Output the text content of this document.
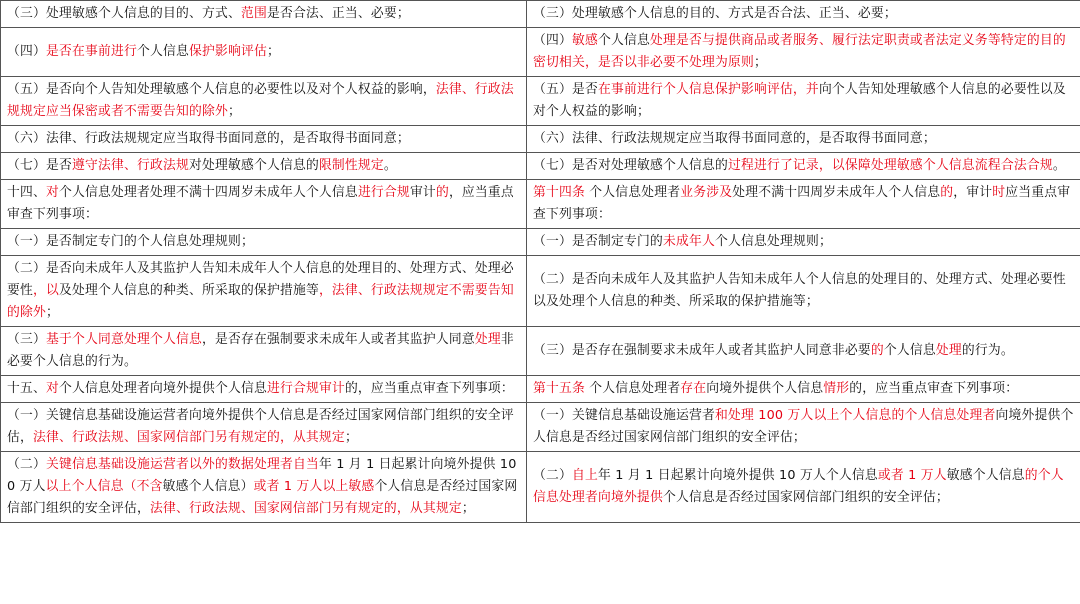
（三）处理敏感个人信息的目的、方式、范围是否合法、正当、必要；	（三）处理敏感个人信息的目的、方式是否合法、正当、必要；
（四）是否在事前进行个人信息保护影响评估；	（四）敏感个人信息处理是否与提供商品或者服务、履行法定职责或者法定义务等特定的目的密切相关，是否以非必要不处理为原则；
（五）是否向个人告知处理敏感个人信息的必要性以及对个人权益的影响，法律、行政法规规定应当保密或者不需要告知的除外；	（五）是否在事前进行个人信息保护影响评估，并向个人告知处理敏感个人信息的必要性以及对个人权益的影响；
（六）法律、行政法规规定应当取得书面同意的，是否取得书面同意；	（六）法律、行政法规规定应当取得书面同意的，是否取得书面同意；
（七）是否遵守法律、行政法规对处理敏感个人信息的限制性规定。	（七）是否对处理敏感个人信息的过程进行了记录，以保障处理敏感个人信息流程合法合规。
十四、对个人信息处理者处理不满十四周岁未成年人个人信息进行合规审计的，应当重点审查下列事项：	第十四条 个人信息处理者业务涉及处理不满十四周岁未成年人个人信息的，审计时应当重点审查下列事项：
（一）是否制定专门的个人信息处理规则；	（一）是否制定专门的未成年人个人信息处理规则；
（二）是否向未成年人及其监护人告知未成年人个人信息的处理目的、处理方式、处理必要性，以及处理个人信息的种类、所采取的保护措施等，法律、行政法规规定不需要告知的除外；	（二）是否向未成年人及其监护人告知未成年人个人信息的处理目的、处理方式、处理必要性以及处理个人信息的种类、所采取的保护措施等；
（三）基于个人同意处理个人信息，是否存在强制要求未成年人或者其监护人同意处理非必要个人信息的行为。	（三）是否存在强制要求未成年人或者其监护人同意非必要的个人信息处理的行为。
十五、对个人信息处理者向境外提供个人信息进行合规审计的，应当重点审查下列事项：	第十五条 个人信息处理者存在向境外提供个人信息情形的，应当重点审查下列事项：
（一）关键信息基础设施运营者向境外提供个人信息是否经过国家网信部门组织的安全评估，法律、行政法规、国家网信部门另有规定的，从其规定；	（一）关键信息基础设施运营者和处理 100 万人以上个人信息的个人信息处理者向境外提供个人信息是否经过国家网信部门组织的安全评估；
（二）关键信息基础设施运营者以外的数据处理者自当年 1 月 1 日起累计向境外提供 100 万人以上个人信息（不含敏感个人信息）或者 1 万人以上敏感个人信息是否经过国家网信部门组织的安全评估，法律、行政法规、国家网信部门另有规定的，从其规定；	（二）自上年 1 月 1 日起累计向境外提供 10 万人个人信息或者 1 万人敏感个人信息的个人信息处理者向境外提供个人信息是否经过国家网信部门组织的安全评估；
